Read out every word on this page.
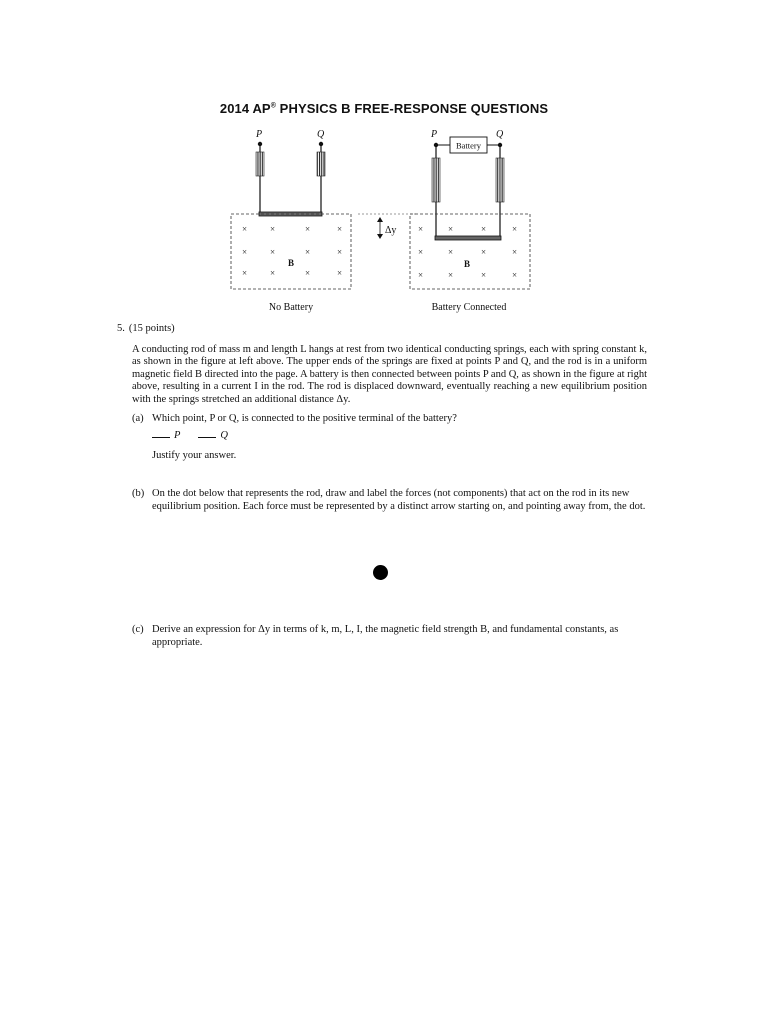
2014 AP® PHYSICS B FREE-RESPONSE QUESTIONS
P	Q
×	×	×	×
×	×	×	×
×	×	×	×
B
No Battery
Δy
P	Q
Battery
×	×	×	×
×	×	×	×
×	×	×	×
B
Battery Connected

5. (15 points)

A conducting rod of mass m and length L hangs at rest from two identical conducting springs, each with spring constant k, as shown in the figure at left above. The upper ends of the springs are fixed at points P and Q, and the rod is in a uniform magnetic field B directed into the page. A battery is then connected between points P and Q, as shown in the figure at right above, resulting in a current I in the rod. The rod is displaced downward, eventually reaching a new equilibrium position with the springs stretched an additional distance Δy.

(a) Which point, P or Q, is connected to the positive terminal of the battery?
P	Q

Justify your answer.

(b) On the dot below that represents the rod, draw and label the forces (not components) that act on the rod in its new equilibrium position. Each force must be represented by a distinct arrow starting on, and pointing away from, the dot.
(c) Derive an expression for Δy in terms of k, m, L, I, the magnetic field strength B, and fundamental constants, as appropriate.
